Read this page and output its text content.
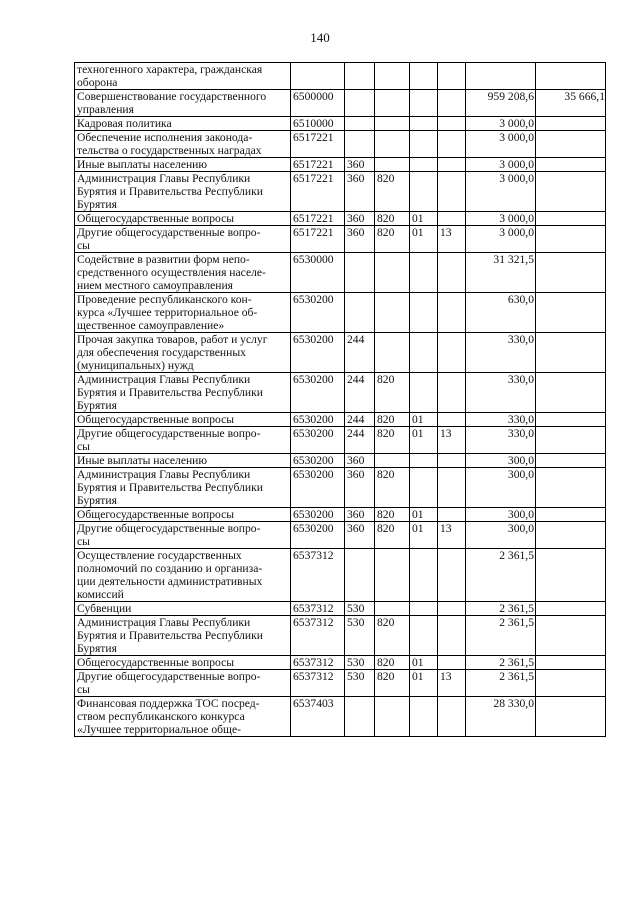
140
техногенного характера, гражданская
оборона							
Совершенствование государственного
управления	6500000					959 208,6	35 666,1
Кадровая политика	6510000					3 000,0	
Обеспечение исполнения законода-
тельства о государственных наградах	6517221					3 000,0	
Иные выплаты населению	6517221	360				3 000,0	
Администрация Главы Республики
Бурятия и Правительства Республики
Бурятия	6517221	360	820			3 000,0	
Общегосударственные вопросы	6517221	360	820	01		3 000,0	
Другие общегосударственные вопро-
сы	6517221	360	820	01	13	3 000,0	
Содействие в развитии форм непо-
средственного осуществления населе-
нием местного самоуправления	6530000					31 321,5	
Проведение республиканского кон-
курса «Лучшее территориальное об-
щественное самоуправление»	6530200					630,0	
Прочая закупка товаров, работ и услуг
для обеспечения государственных
(муниципальных) нужд	6530200	244				330,0	
Администрация Главы Республики
Бурятия и Правительства Республики
Бурятия	6530200	244	820			330,0	
Общегосударственные вопросы	6530200	244	820	01		330,0	
Другие общегосударственные вопро-
сы	6530200	244	820	01	13	330,0	
Иные выплаты населению	6530200	360				300,0	
Администрация Главы Республики
Бурятия и Правительства Республики
Бурятия	6530200	360	820			300,0	
Общегосударственные вопросы	6530200	360	820	01		300,0	
Другие общегосударственные вопро-
сы	6530200	360	820	01	13	300,0	
Осуществление государственных
полномочий по созданию и организа-
ции деятельности административных
комиссий	6537312					2 361,5	
Субвенции	6537312	530				2 361,5	
Администрация Главы Республики
Бурятия и Правительства Республики
Бурятия	6537312	530	820			2 361,5	
Общегосударственные вопросы	6537312	530	820	01		2 361,5	
Другие общегосударственные вопро-
сы	6537312	530	820	01	13	2 361,5	
Финансовая поддержка ТОС посред-
ством республиканского конкурса
«Лучшее территориальное обще-	6537403					28 330,0	
